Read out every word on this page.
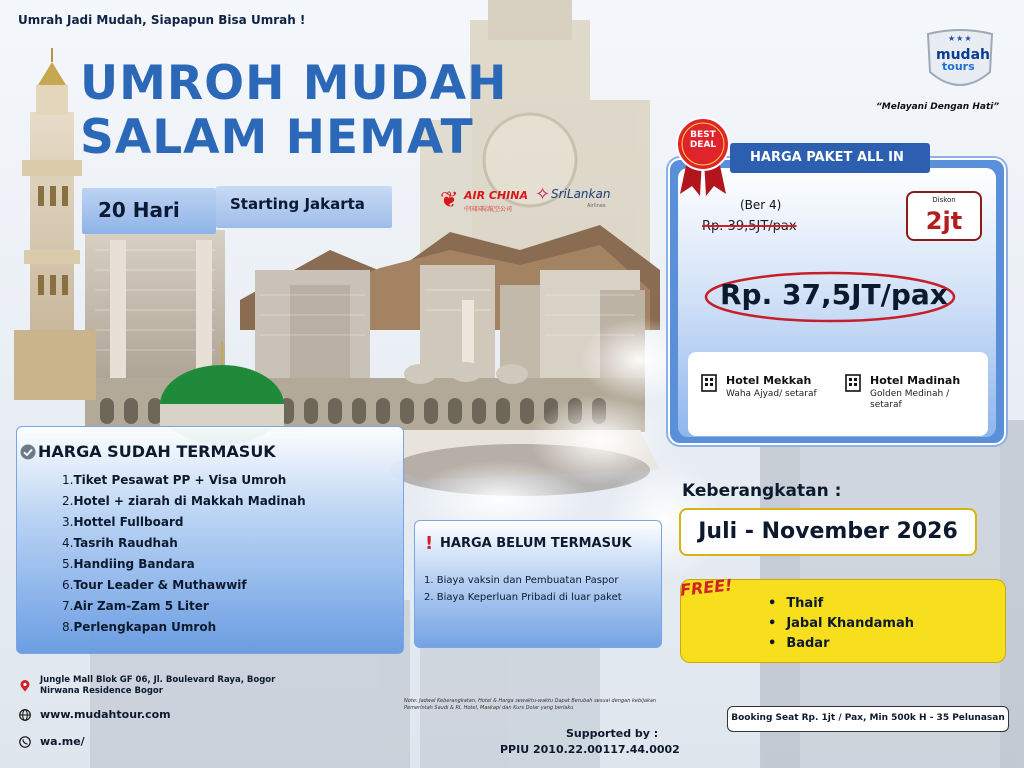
Umrah Jadi Mudah, Siapapun Bisa Umrah !
UMROH MUDAH
SALAM HEMAT
20 Hari	Starting Jakarta	❦ AIR CHINA
中国国际航空公司
✧ SriLankan
Airlines
★★★
mudah
tours
“Melayani Dengan Hati”
HARGA PAKET ALL IN
BEST DEAL
(Ber 4)
Rp. 39,5JT/pax
Diskon
2jt
Rp. 37,5JT/pax
Hotel Mekkah
Waha Ajyad/ setaraf
Hotel Madinah
Golden Medinah / setaraf
HARGA SUDAH TERMASUK
1.Tiket Pesawat PP + Visa Umroh
2.Hotel + ziarah di Makkah Madinah
3.Hottel Fullboard
4.Tasrih Raudhah
5.Handiing Bandara
6.Tour Leader & Muthawwif
7.Air Zam-Zam 5 Liter
8.Perlengkapan Umroh
! HARGA BELUM TERMASUK
1. Biaya vaksin dan Pembuatan Paspor
2. Biaya Keperluan Pribadi di luar paket
Keberangkatan :
Juli - November 2026
FREE!
• Thaif
• Jabal Khandamah
• Badar
Jungle Mall Blok GF 06, Jl. Boulevard Raya, Bogor Nirwana Residence Bogor
www.mudahtour.com
wa.me/
Note: Jadwal Keberangkatan, Hotel & Harga sewaktu-waktu Dapat Berubah sesuai dengan kebijakan Pemerintah Saudi & RI, Hotel, Maskapi dan Kurs Dolar yang berlaku
Supported by :
PPIU 2010.22.00117.44.0002
Booking Seat Rp. 1jt / Pax, Min 500k H - 35 Pelunasan
